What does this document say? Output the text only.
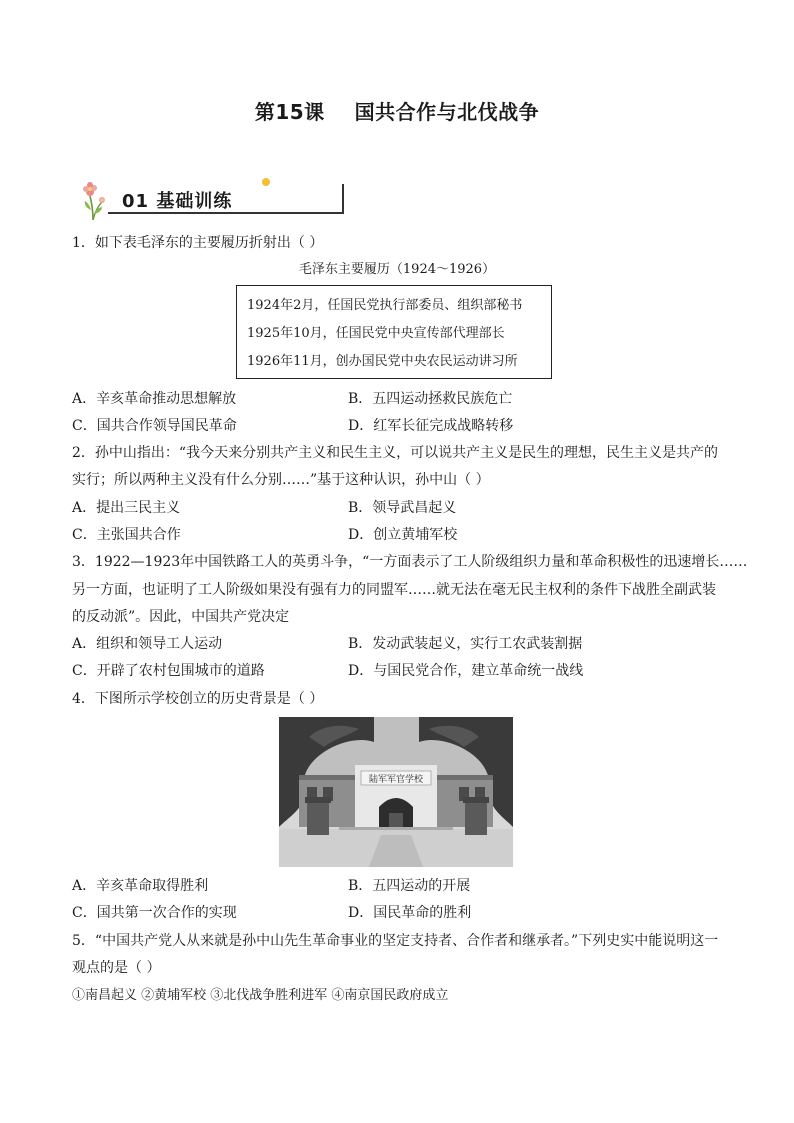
第15课 国共合作与北伐战争
01 基础训练
1．如下表毛泽东的主要履历折射出（ ）
毛泽东主要履历（1924～1926）
1924年2月，任国民党执行部委员、组织部秘书
1925年10月，任国民党中央宣传部代理部长
1926年11月，创办国民党中央农民运动讲习所
A．辛亥革命推动思想解放	B．五四运动拯救民族危亡
C．国共合作领导国民革命	D．红军长征完成战略转移
2．孙中山指出：“我今天来分别共产主义和民生主义，可以说共产主义是民生的理想，民生主义是共产的
实行；所以两种主义没有什么分别……”基于这种认识，孙中山（ ）
A．提出三民主义	B．领导武昌起义
C．主张国共合作	D．创立黄埔军校
3．1922—1923年中国铁路工人的英勇斗争，“一方面表示了工人阶级组织力量和革命积极性的迅速增长……
另一方面，也证明了工人阶级如果没有强有力的同盟军……就无法在毫无民主权利的条件下战胜全副武装
的反动派”。因此，中国共产党决定
A．组织和领导工人运动	B．发动武装起义，实行工农武装割据
C．开辟了农村包围城市的道路	D．与国民党合作，建立革命统一战线
4．下图所示学校创立的历史背景是（ ）
陆军军官学校
A．辛亥革命取得胜利	B．五四运动的开展
C．国共第一次合作的实现	D．国民革命的胜利
5．“中国共产党人从来就是孙中山先生革命事业的坚定支持者、合作者和继承者。”下列史实中能说明这一
观点的是（ ）
①南昌起义 ②黄埔军校 ③北伐战争胜利进军 ④南京国民政府成立
